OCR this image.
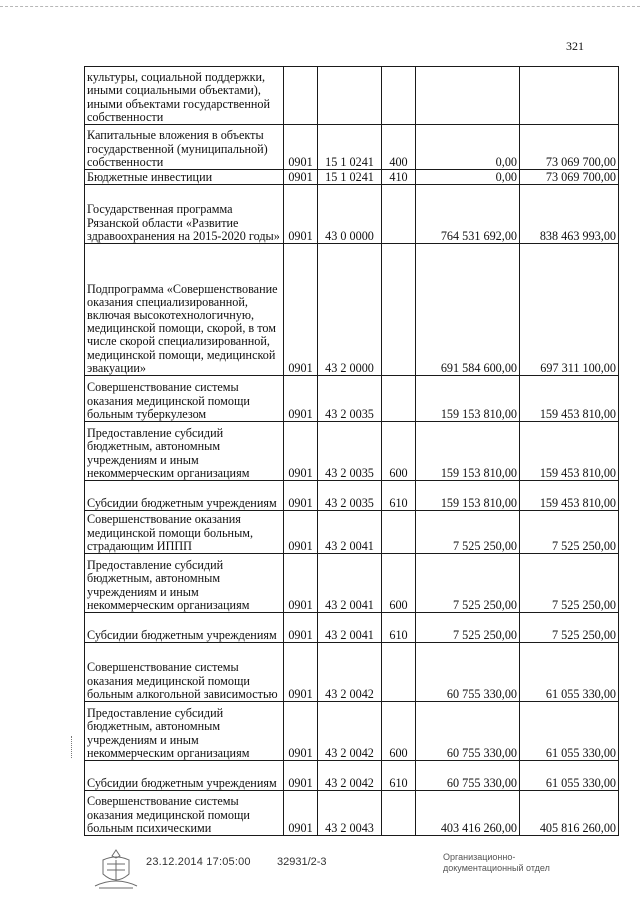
321
культуры, социальной поддержки, иными социальными объектами), иными объектами государственной собственности					
Капитальные вложения в объекты государственной (муниципальной) собственности	0901	15 1 0241	400	0,00	73 069 700,00
Бюджетные инвестиции	0901	15 1 0241	410	0,00	73 069 700,00
Государственная программа Рязанской области «Развитие здравоохранения на 2015-2020 годы»	0901	43 0 0000		764 531 692,00	838 463 993,00
Подпрограмма «Совершенствование оказания специализированной, включая высокотехнологичную, медицинской помощи, скорой, в том числе скорой специализированной, медицинской помощи, медицинской эвакуации»	0901	43 2 0000		691 584 600,00	697 311 100,00
Совершенствование системы оказания медицинской помощи больным туберкулезом	0901	43 2 0035		159 153 810,00	159 453 810,00
Предоставление субсидий бюджетным, автономным учреждениям и иным некоммерческим организациям	0901	43 2 0035	600	159 153 810,00	159 453 810,00
Субсидии бюджетным учреждениям	0901	43 2 0035	610	159 153 810,00	159 453 810,00
Совершенствование оказания медицинской помощи больным, страдающим ИППП	0901	43 2 0041		7 525 250,00	7 525 250,00
Предоставление субсидий бюджетным, автономным учреждениям и иным некоммерческим организациям	0901	43 2 0041	600	7 525 250,00	7 525 250,00
Субсидии бюджетным учреждениям	0901	43 2 0041	610	7 525 250,00	7 525 250,00
Совершенствование системы оказания медицинской помощи больным алкогольной зависимостью	0901	43 2 0042		60 755 330,00	61 055 330,00
Предоставление субсидий бюджетным, автономным учреждениям и иным некоммерческим организациям	0901	43 2 0042	600	60 755 330,00	61 055 330,00
Субсидии бюджетным учреждениям	0901	43 2 0042	610	60 755 330,00	61 055 330,00
Совершенствование системы оказания медицинской помощи больным психическими	0901	43 2 0043		403 416 260,00	405 816 260,00
23.12.2014 17:05:00 32931/2-3	Организационно-
документационный отдел
